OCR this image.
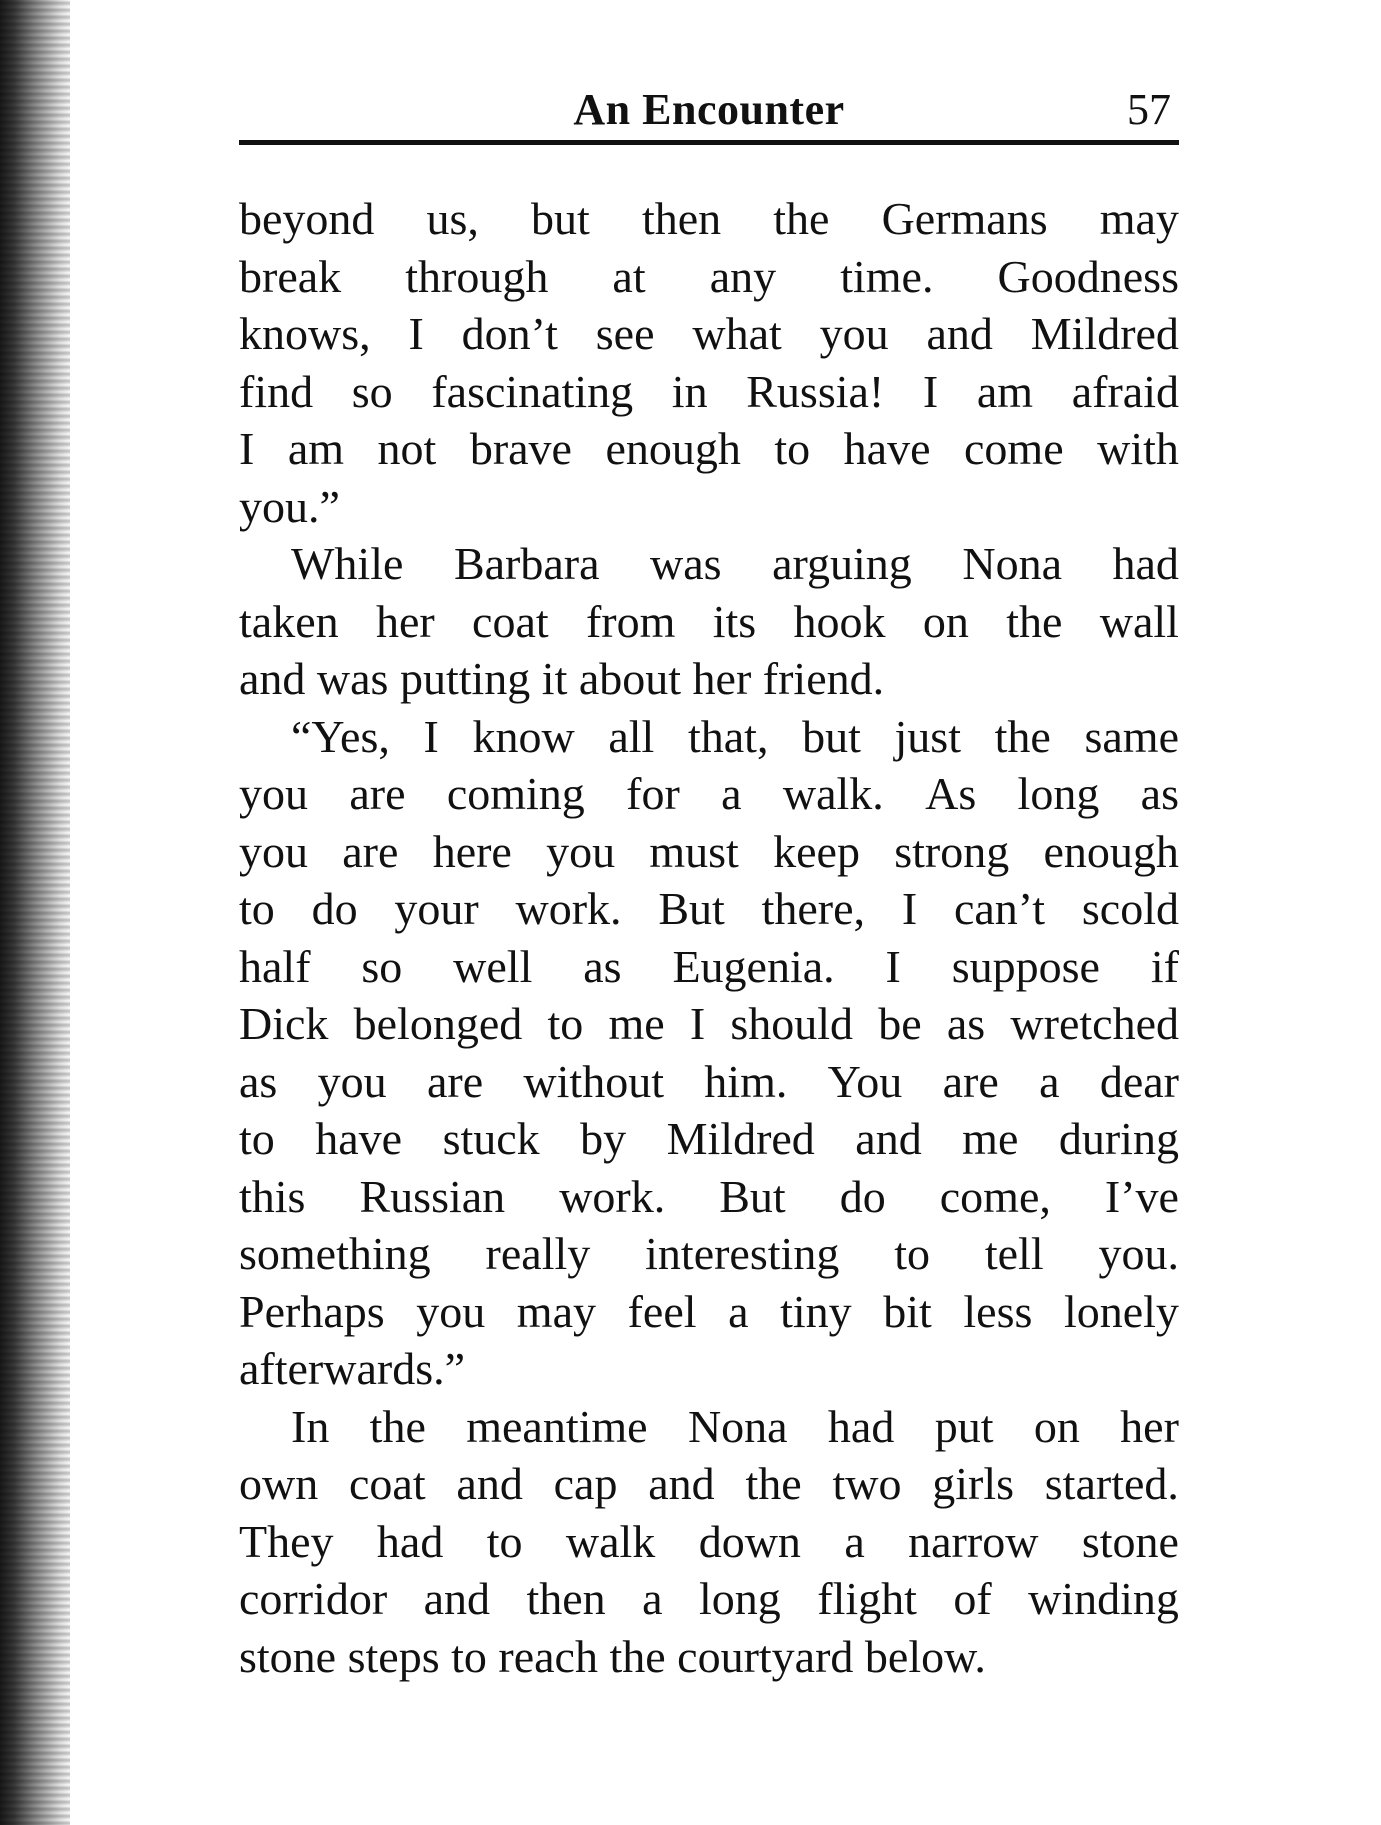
An Encounter	57
beyond us, but then the Germans may
break through at any time. Goodness
knows, I don’t see what you and Mildred
find so fascinating in Russia! I am afraid
I am not brave enough to have come with
you.”
While Barbara was arguing Nona had
taken her coat from its hook on the wall
and was putting it about her friend.
“Yes, I know all that, but just the same
you are coming for a walk. As long as
you are here you must keep strong enough
to do your work. But there, I can’t scold
half so well as Eugenia. I suppose if
Dick belonged to me I should be as wretched
as you are without him. You are a dear
to have stuck by Mildred and me during
this Russian work. But do come, I’ve
something really interesting to tell you.
Perhaps you may feel a tiny bit less lonely
afterwards.”
In the meantime Nona had put on her
own coat and cap and the two girls started.
They had to walk down a narrow stone
corridor and then a long flight of winding
stone steps to reach the courtyard below.
